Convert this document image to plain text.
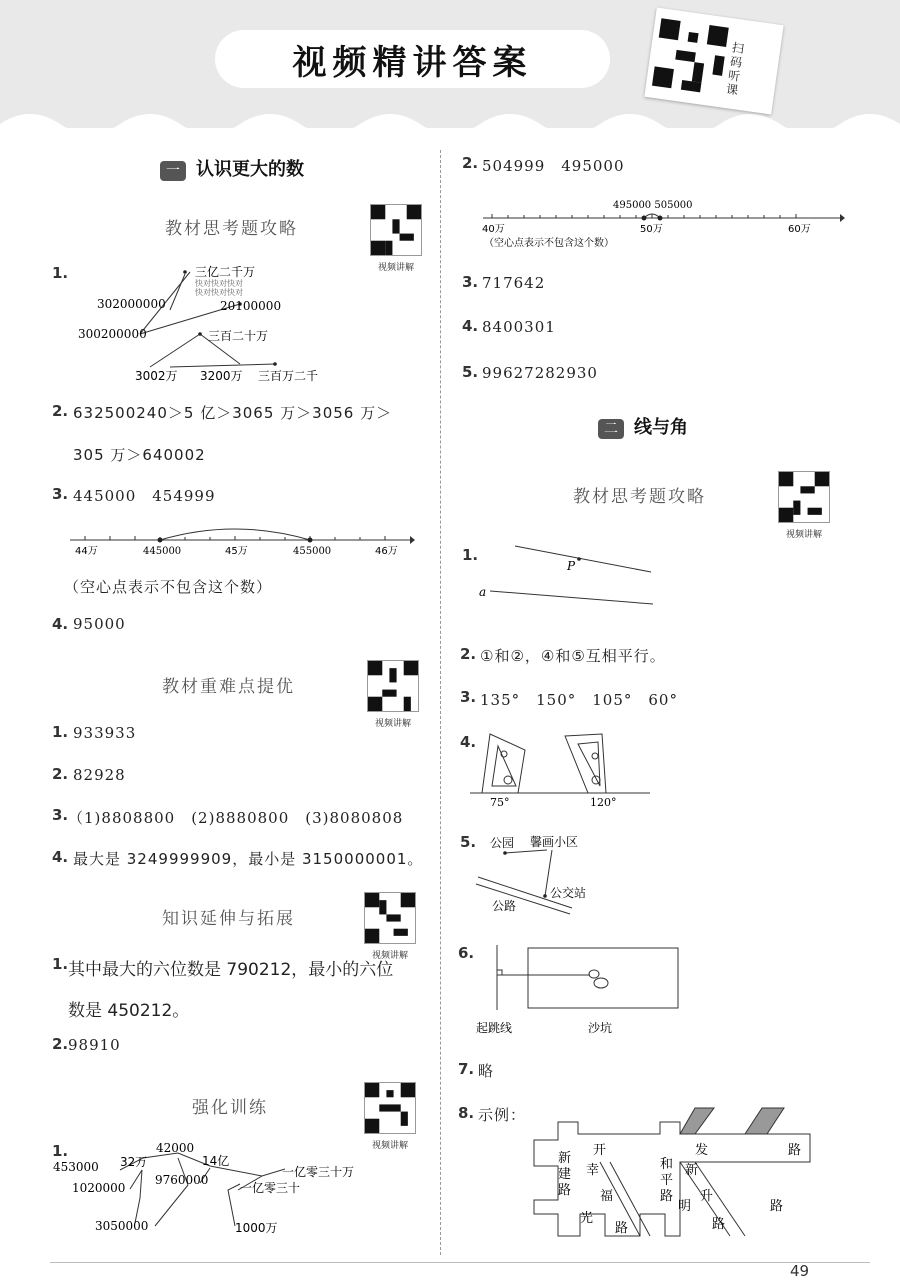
视频精讲答案	扫码听课
一 认识更大的数
教材思考题攻略
视频讲解
1.
302000000
300200000
3002万 3200万
三亿二千万
20100000
三百二十万
三百万二千
快对快对快对
快对快对快对
2. 632500240＞5 亿＞3065 万＞3056 万＞
305 万＞640002
3. 445000　454999
44万	445000	45万	455000	46万
（空心点表示不包含这个数）
4. 95000
教材重难点提优
视频讲解
1. 933933
2. 82928
3. （1)8808800　(2)8880800　(3)8080808
4. 最大是 3249999909，最小是 3150000001。
知识延伸与拓展
视频讲解
1. 其中最大的六位数是 790212，最小的六位
数是 450212。
2. 98910
强化训练
视频讲解
1.
453000 32万
42000
14亿
一亿零三十万
1020000
9760000
一亿零三十
3050000	1000万
2. 504999　495000
495000 505000
40万	50万	60万
（空心点表示不包含这个数）
3. 717642
4. 8400301
5. 99627282930
二 线与角
教材思考题攻略
视频讲解
1.
P
a
2. ①和②，④和⑤互相平行。
3. 135°　150°　105°　60°
4.
75°	120°
5. 公园 馨画小区
公交站
公路
6.
起跳线	沙坑
7. 略
8. 示例：
开	发	路
新
建
路
幸
福
光
路
和
平
路
新
升
明
路
路
49
